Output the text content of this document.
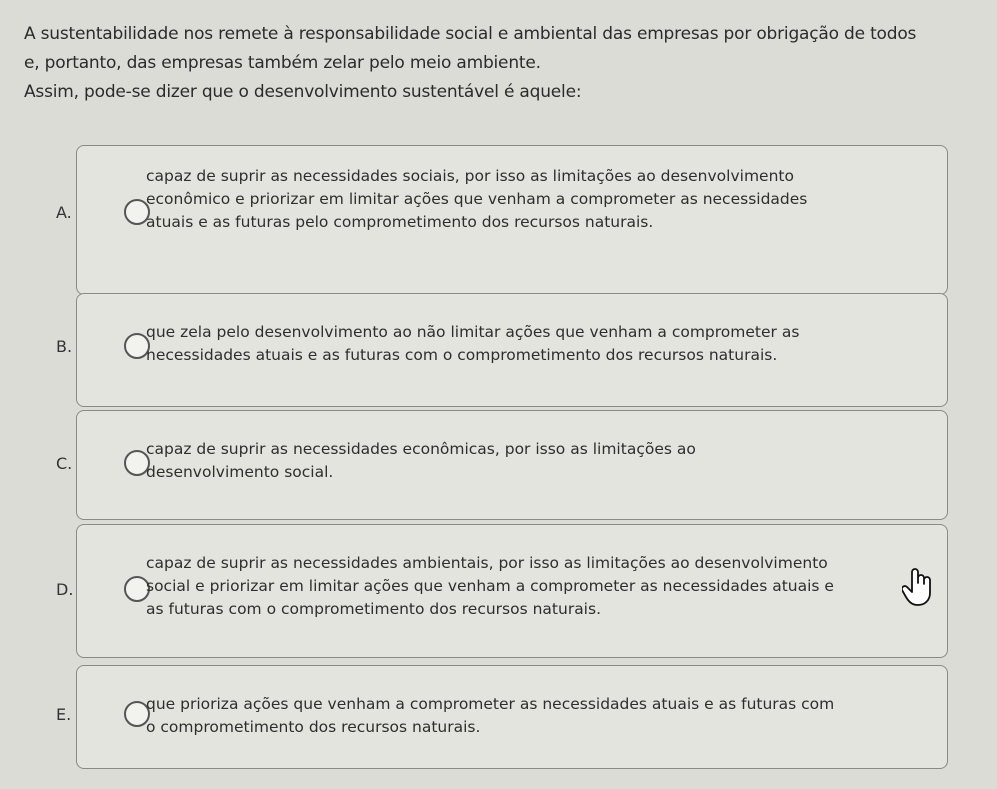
A sustentabilidade nos remete à responsabilidade social e ambiental das empresas por obrigação de todos

e, portanto, das empresas também zelar pelo meio ambiente.

Assim, pode-se dizer que o desenvolvimento sustentável é aquele:

A.
capaz de suprir as necessidades sociais, por isso as limitações ao desenvolvimento
econômico e priorizar em limitar ações que venham a comprometer as necessidades
atuais e as futuras pelo comprometimento dos recursos naturais.
B.
que zela pelo desenvolvimento ao não limitar ações que venham a comprometer as
necessidades atuais e as futuras com o comprometimento dos recursos naturais.
C.
capaz de suprir as necessidades econômicas, por isso as limitações ao
desenvolvimento social.
D.
capaz de suprir as necessidades ambientais, por isso as limitações ao desenvolvimento
social e priorizar em limitar ações que venham a comprometer as necessidades atuais e
as futuras com o comprometimento dos recursos naturais.
E.
que prioriza ações que venham a comprometer as necessidades atuais e as futuras com
o comprometimento dos recursos naturais.
